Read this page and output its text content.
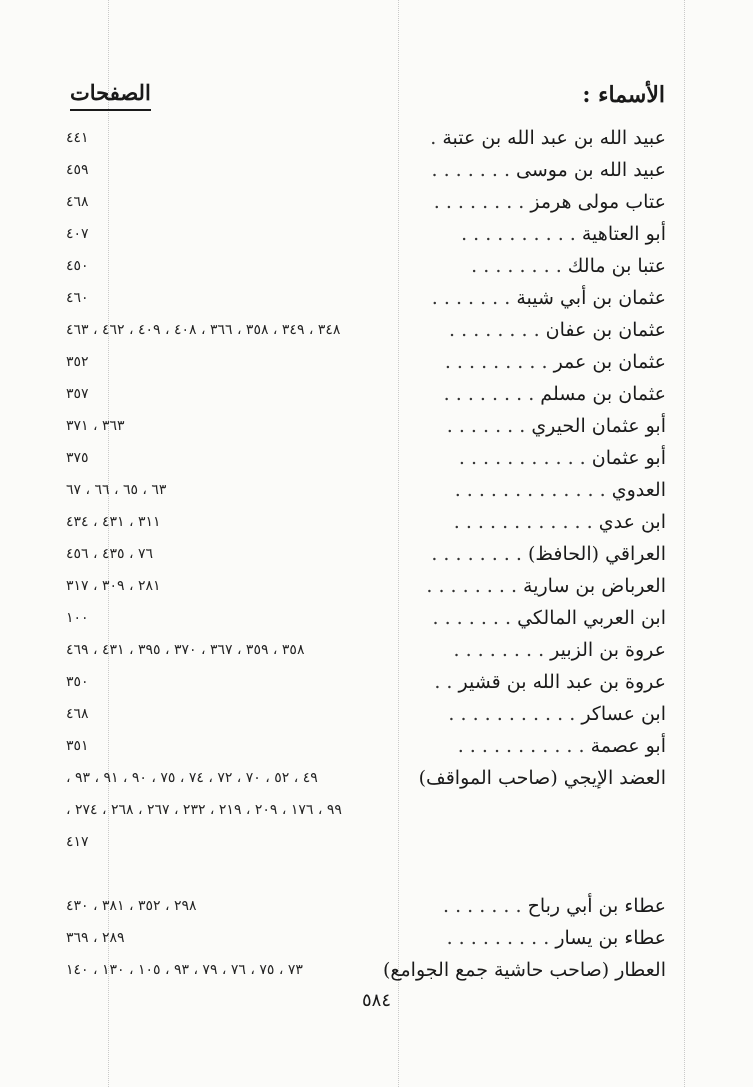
الأسماء :
الصفحات
عبيد الله بن عبد الله بن عتبة .
٤٤١
عبيد الله بن موسى . . . . . . .
٤٥٩
عتاب مولى هرمز . . . . . . . .
٤٦٨
أبو العتاهية . . . . . . . . . .
٤٠٧
عتبا بن مالك . . . . . . . .
٤٥٠
عثمان بن أبي شيبة . . . . . . .
٤٦٠
عثمان بن عفان . . . . . . . .
٣٤٨ ، ٣٤٩ ، ٣٥٨ ، ٣٦٦ ، ٤٠٨ ، ٤٠٩ ، ٤٦٢ ، ٤٦٣
عثمان بن عمر . . . . . . . . .
٣٥٢
عثمان بن مسلم . . . . . . . .
٣٥٧
أبو عثمان الحيري . . . . . . .
٣٦٣ ، ٣٧١
أبو عثمان . . . . . . . . . . .
٣٧٥
العدوي . . . . . . . . . . . . .
٦٣ ، ٦٥ ، ٦٦ ، ٦٧
ابن عدي . . . . . . . . . . . .
٣١١ ، ٤٣١ ، ٤٣٤
العراقي (الحافظ) . . . . . . . .
٧٦ ، ٤٣٥ ، ٤٥٦
العرباض بن سارية . . . . . . . .
٢٨١ ، ٣٠٩ ، ٣١٧
ابن العربي المالكي . . . . . . .
١٠٠
عروة بن الزبير . . . . . . . .
٣٥٨ ، ٣٥٩ ، ٣٦٧ ، ٣٧٠ ، ٣٩٥ ، ٤٣١ ، ٤٦٩
عروة بن عبد الله بن قشير . .
٣٥٠
ابن عساكر . . . . . . . . . . .
٤٦٨
أبو عصمة . . . . . . . . . . .
٣٥١
العضد الإيجي (صاحب المواقف)
٤٩ ، ٥٢ ، ٧٠ ، ٧٢ ، ٧٤ ، ٧٥ ، ٩٠ ، ٩١ ، ٩٣ ،
٩٩ ، ١٧٦ ، ٢٠٩ ، ٢١٩ ، ٢٣٢ ، ٢٦٧ ، ٢٦٨ ، ٢٧٤ ،
٤١٧
عطاء بن أبي رباح . . . . . . .
٢٩٨ ، ٣٥٢ ، ٣٨١ ، ٤٣٠
عطاء بن يسار . . . . . . . . .
٢٨٩ ، ٣٦٩
العطار (صاحب حاشية جمع الجوامع)
٧٣ ، ٧٥ ، ٧٦ ، ٧٩ ، ٩٣ ، ١٠٥ ، ١٣٠ ، ١٤٠
٥٨٤
